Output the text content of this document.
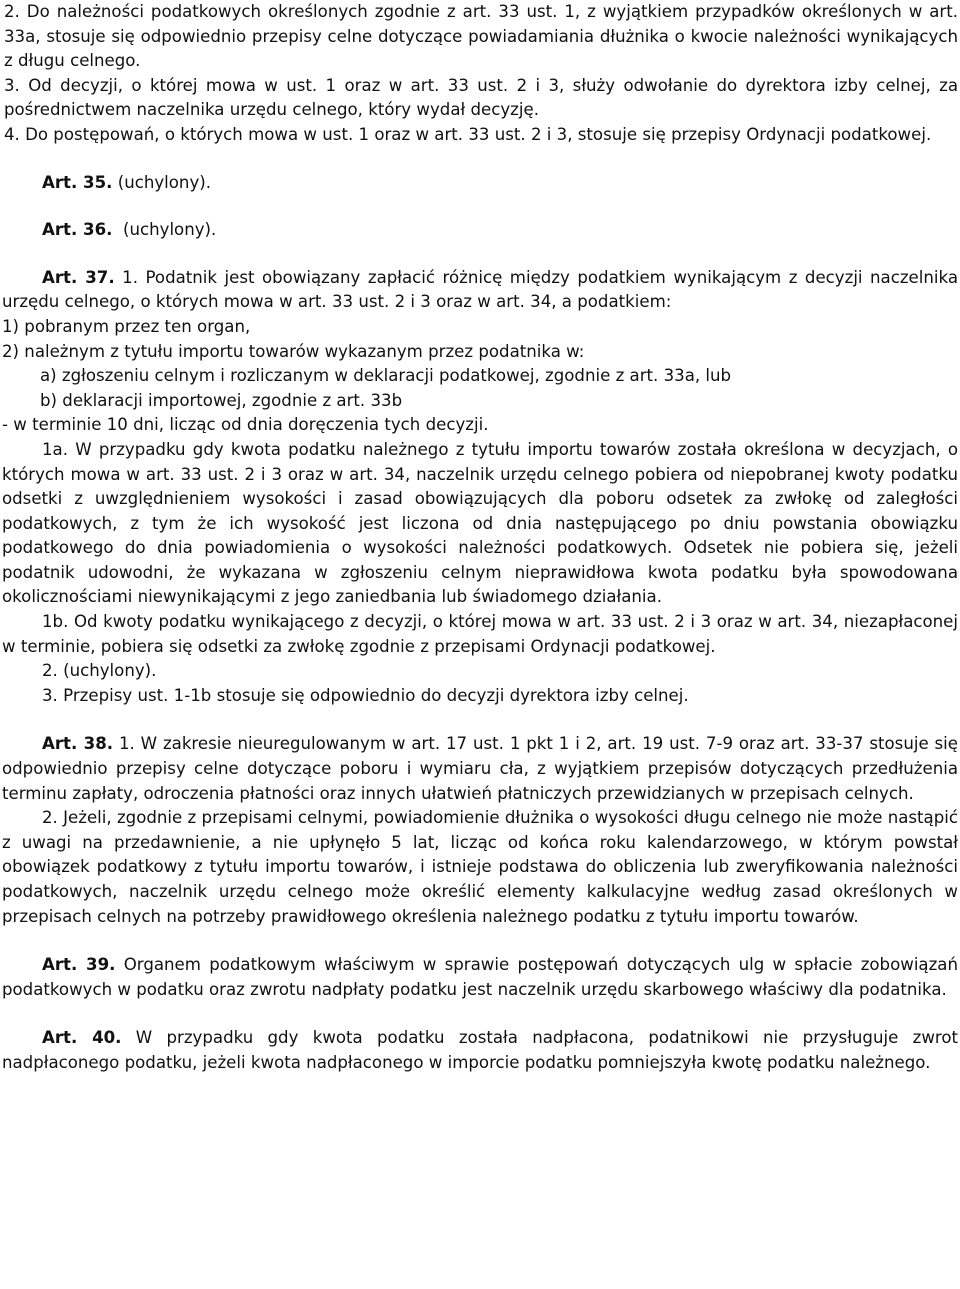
2. Do należności podatkowych określonych zgodnie z art. 33 ust. 1, z wyjątkiem przypadków określonych w art. 33a, stosuje się odpowiednio przepisy celne dotyczące powiadamiania dłużnika o kwocie należności wynikających z długu celnego.

3. Od decyzji, o której mowa w ust. 1 oraz w art. 33 ust. 2 i 3, służy odwołanie do dyrektora izby celnej, za pośrednictwem naczelnika urzędu celnego, który wydał decyzję.

4. Do postępowań, o których mowa w ust. 1 oraz w art. 33 ust. 2 i 3, stosuje się przepisy Ordynacji podatkowej.

Art. 35. (uchylony).

Art. 36. (uchylony).

Art. 37. 1. Podatnik jest obowiązany zapłacić różnicę między podatkiem wynikającym z decyzji naczelnika urzędu celnego, o których mowa w art. 33 ust. 2 i 3 oraz w art. 34, a podatkiem:

1) pobranym przez ten organ,

2) należnym z tytułu importu towarów wykazanym przez podatnika w:

a) zgłoszeniu celnym i rozliczanym w deklaracji podatkowej, zgodnie z art. 33a, lub

b) deklaracji importowej, zgodnie z art. 33b

- w terminie 10 dni, licząc od dnia doręczenia tych decyzji.

1a. W przypadku gdy kwota podatku należnego z tytułu importu towarów została określona w decyzjach, o których mowa w art. 33 ust. 2 i 3 oraz w art. 34, naczelnik urzędu celnego pobiera od niepobranej kwoty podatku odsetki z uwzględnieniem wysokości i zasad obowiązujących dla poboru odsetek za zwłokę od zaległości podatkowych, z tym że ich wysokość jest liczona od dnia następującego po dniu powstania obowiązku podatkowego do dnia powiadomienia o wysokości należności podatkowych. Odsetek nie pobiera się, jeżeli podatnik udowodni, że wykazana w zgłoszeniu celnym nieprawidłowa kwota podatku była spowodowana okolicznościami niewynikającymi z jego zaniedbania lub świadomego działania.

1b. Od kwoty podatku wynikającego z decyzji, o której mowa w art. 33 ust. 2 i 3 oraz w art. 34, niezapłaconej w terminie, pobiera się odsetki za zwłokę zgodnie z przepisami Ordynacji podatkowej.

2. (uchylony).

3. Przepisy ust. 1-1b stosuje się odpowiednio do decyzji dyrektora izby celnej.

Art. 38. 1. W zakresie nieuregulowanym w art. 17 ust. 1 pkt 1 i 2, art. 19 ust. 7-9 oraz art. 33-37 stosuje się odpowiednio przepisy celne dotyczące poboru i wymiaru cła, z wyjątkiem przepisów dotyczących przedłużenia terminu zapłaty, odroczenia płatności oraz innych ułatwień płatniczych przewidzianych w przepisach celnych.

2. Jeżeli, zgodnie z przepisami celnymi, powiadomienie dłużnika o wysokości długu celnego nie może nastąpić z uwagi na przedawnienie, a nie upłynęło 5 lat, licząc od końca roku kalendarzowego, w którym powstał obowiązek podatkowy z tytułu importu towarów, i istnieje podstawa do obliczenia lub zweryfikowania należności podatkowych, naczelnik urzędu celnego może określić elementy kalkulacyjne według zasad określonych w przepisach celnych na potrzeby prawidłowego określenia należnego podatku z tytułu importu towarów.

Art. 39. Organem podatkowym właściwym w sprawie postępowań dotyczących ulg w spłacie zobowiązań podatkowych w podatku oraz zwrotu nadpłaty podatku jest naczelnik urzędu skarbowego właściwy dla podatnika.

Art. 40. W przypadku gdy kwota podatku została nadpłacona, podatnikowi nie przysługuje zwrot nadpłaconego podatku, jeżeli kwota nadpłaconego w imporcie podatku pomniejszyła kwotę podatku należnego.
